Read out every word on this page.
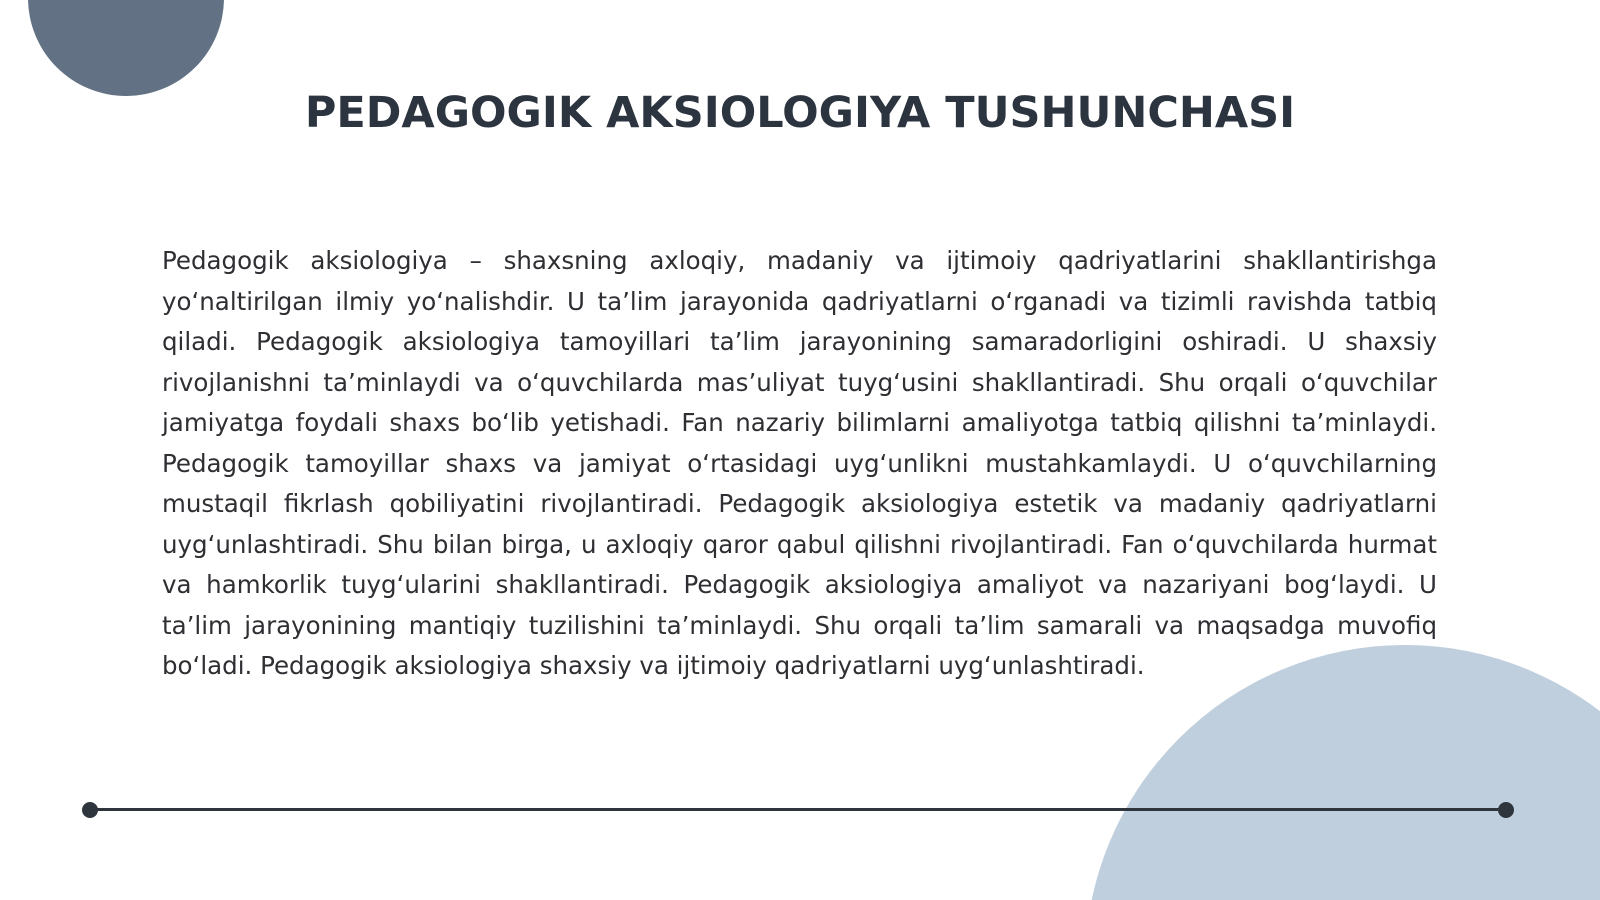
PEDAGOGIK AKSIOLOGIYA TUSHUNCHASI

Pedagogik aksiologiya – shaxsning axloqiy, madaniy va ijtimoiy qadriyatlarini shakllantirishga yo‘naltirilgan ilmiy yo‘nalishdir. U ta’lim jarayonida qadriyatlarni o‘rganadi va tizimli ravishda tatbiq qiladi. Pedagogik aksiologiya tamoyillari ta’lim jarayonining samaradorligini oshiradi. U shaxsiy rivojlanishni ta’minlaydi va o‘quvchilarda mas’uliyat tuyg‘usini shakllantiradi. Shu orqali o‘quvchilar jamiyatga foydali shaxs bo‘lib yetishadi. Fan nazariy bilimlarni amaliyotga tatbiq qilishni ta’minlaydi. Pedagogik tamoyillar shaxs va jamiyat o‘rtasidagi uyg‘unlikni mustahkamlaydi. U o‘quvchilarning mustaqil fikrlash qobiliyatini rivojlantiradi. Pedagogik aksiologiya estetik va madaniy qadriyatlarni uyg‘unlashtiradi. Shu bilan birga, u axloqiy qaror qabul qilishni rivojlantiradi. Fan o‘quvchilarda hurmat va hamkorlik tuyg‘ularini shakllantiradi. Pedagogik aksiologiya amaliyot va nazariyani bog‘laydi. U ta’lim jarayonining mantiqiy tuzilishini ta’minlaydi. Shu orqali ta’lim samarali va maqsadga muvofiq bo‘ladi. Pedagogik aksiologiya shaxsiy va ijtimoiy qadriyatlarni uyg‘unlashtiradi.
